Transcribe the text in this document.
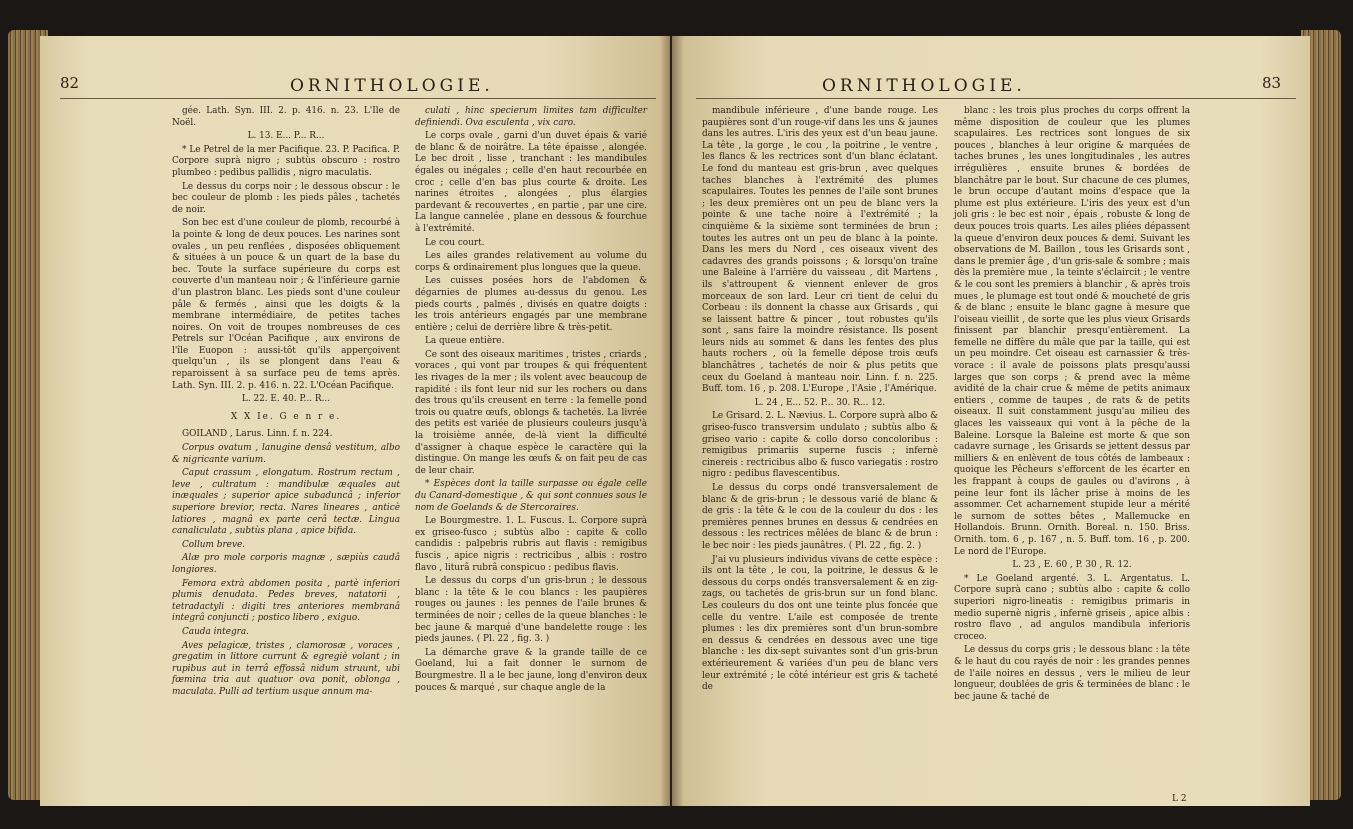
82	ORNITHOLOGIE.

gée. Lath. Syn. III. 2. p. 416. n. 23. L'Ile de Noël.

L. 13. E... P... R...

* Le Petrel de la mer Pacifique. 23. P. Pacifica. P. Corpore suprà nigro ; subtùs obscuro : rostro plumbeo : pedibus pallidis , nigro maculatis.

Le dessus du corps noir ; le dessous obscur : le bec couleur de plomb : les pieds pâles , tachetés de noir.

Son bec est d'une couleur de plomb, recourbé à la pointe & long de deux pouces. Les narines sont ovales , un peu renflées , disposées obliquement & situées à un pouce & un quart de la base du bec. Toute la surface supérieure du corps est couverte d'un manteau noir ; & l'inférieure garnie d'un plastron blanc. Les pieds sont d'une couleur pâle & fermés , ainsi que les doigts & la membrane intermédiaire, de petites taches noires. On voit de troupes nombreuses de ces Petrels sur l'Océan Pacifique , aux environs de l'île Euopon : aussi-tôt qu'ils apperçoivent quelqu'un , ils se plongent dans l'eau & reparoissent à sa surface peu de tems après. Lath. Syn. III. 2. p. 416. n. 22. L'Océan Pacifique.

L. 22. E. 40. P... R...

X X Ie. G e n r e.

GOILAND , Larus. Linn. f. n. 224.

Corpus ovatum , lanugine densâ vestitum, albo & nigricante varium.

Caput crassum , elongatum. Rostrum rectum , leve , cultratum : mandibulæ æquales aut inæquales ; superior apice subaduncâ ; inferior superiore brevior, recta. Nares lineares , anticè latiores , magnâ ex parte cerâ tectæ. Lingua canaliculata , subtùs plana , apice bifida.

Collum breve.

Alæ pro mole corporis magnæ , sæpiùs caudâ longiores.

Femora extrà abdomen posita , partè inferiori plumis denudata. Pedes breves, natatorii , tetradactyli : digiti tres anteriores membranâ integrâ conjuncti ; postico libero , exiguo.

Cauda integra.

Aves pelagicæ, tristes , clamorosæ , voraces , gregatim in littore currunt & egregiè volant ; in rupibus aut in terrâ effossâ nidum struunt, ubi fœmina tria aut quatuor ova ponit, oblonga , maculata. Pulli ad tertium usque annum ma-

culati , hinc specierum limites tam difficulter definiendi. Ova esculenta , vix caro.

Le corps ovale , garni d'un duvet épais & varié de blanc & de noirâtre. La tête épaisse , alongée. Le bec droit , lisse , tranchant : les mandibules égales ou inégales ; celle d'en haut recourbée en croc ; celle d'en bas plus courte & droite. Les narines étroites , alongées , plus élargies pardevant & recouvertes , en partie , par une cire. La langue cannelée , plane en dessous & fourchue à l'extrémité.

Le cou court.

Les ailes grandes relativement au volume du corps & ordinairement plus longues que la queue.

Les cuisses posées hors de l'abdomen & dégarnies de plumes au-dessus du genou. Les pieds courts , palmés , divisés en quatre doigts : les trois antérieurs engagés par une membrane entière ; celui de derrière libre & très-petit.

La queue entière.

Ce sont des oiseaux maritimes , tristes , criards , voraces , qui vont par troupes & qui fréquentent les rivages de la mer ; ils volent avec beaucoup de rapidité : ils font leur nid sur les rochers ou dans des trous qu'ils creusent en terre : la femelle pond trois ou quatre œufs, oblongs & tachetés. La livrée des petits est variée de plusieurs couleurs jusqu'à la troisième année, de-là vient la difficulté d'assigner à chaque espèce le caractère qui la distingue. On mange les œufs & on fait peu de cas de leur chair.

* Espèces dont la taille surpasse ou égale celle du Canard-domestique , & qui sont connues sous le nom de Goelands & de Stercoraires.

Le Bourgmestre. 1. L. Fuscus. L. Corpore suprà ex griseo-fusco ; subtùs albo : capite & collo candidis : palpebris rubris aut flavis : remigibus fuscis , apice nigris : rectricibus , albis : rostro flavo , liturâ rubrâ conspicuo : pedibus flavis.

Le dessus du corps d'un gris-brun ; le dessous blanc : la tête & le cou blancs : les paupières rouges ou jaunes : les pennes de l'aile brunes & terminées de noir ; celles de la queue blanches : le bec jaune & marqué d'une bandelette rouge : les pieds jaunes. ( Pl. 22 , fig. 3. )

La démarche grave & la grande taille de ce Goeland, lui a fait donner le surnom de Bourgmestre. Il a le bec jaune, long d'environ deux pouces & marqué , sur chaque angle de la

ORNITHOLOGIE.	83

mandibule inférieure , d'une bande rouge. Les paupières sont d'un rouge-vif dans les uns & jaunes dans les autres. L'iris des yeux est d'un beau jaune. La tête , la gorge , le cou , la poitrine , le ventre , les flancs & les rectrices sont d'un blanc éclatant. Le fond du manteau est gris-brun , avec quelques taches blanches à l'extrémité des plumes scapulaires. Toutes les pennes de l'aile sont brunes ; les deux premières ont un peu de blanc vers la pointe & une tache noire à l'extrémité ; la cinquième & la sixième sont terminées de brun ; toutes les autres ont un peu de blanc à la pointe. Dans les mers du Nord , ces oiseaux vivent des cadavres des grands poissons ; & lorsqu'on traîne une Baleine à l'arrière du vaisseau , dit Martens , ils s'attroupent & viennent enlever de gros morceaux de son lard. Leur cri tient de celui du Corbeau : ils donnent la chasse aux Grisards , qui se laissent battre & pincer , tout robustes qu'ils sont , sans faire la moindre résistance. Ils posent leurs nids au sommet & dans les fentes des plus hauts rochers , où la femelle dépose trois œufs blanchâtres , tachetés de noir & plus petits que ceux du Goeland à manteau noir. Linn. f. n. 225. Buff. tom. 16 , p. 208. L'Europe , l'Asie , l'Amérique.

L. 24 , E... 52. P... 30. R... 12.

Le Grisard. 2. L. Nævius. L. Corpore suprà albo & griseo-fusco transversim undulato ; subtùs albo & griseo vario : capite & collo dorso concoloribus : remigibus primariis superne fuscis ; infernè cinereis : rectricibus albo & fusco variegatis : rostro nigro : pedibus flavescentibus.

Le dessus du corps ondé transversalement de blanc & de gris-brun ; le dessous varié de blanc & de gris : la tête & le cou de la couleur du dos : les premières pennes brunes en dessus & cendrées en dessous : les rectrices mêlées de blanc & de brun : le bec noir : les pieds jaunâtres. ( Pl. 22 , fig. 2. )

J'ai vu plusieurs individus vivans de cette espèce : ils ont la tête , le cou, la poitrine, le dessus & le dessous du corps ondés transversalement & en zig-zags, ou tachetés de gris-brun sur un fond blanc. Les couleurs du dos ont une teinte plus foncée que celle du ventre. L'aile est composée de trente plumes : les dix premières sont d'un brun-sombre en dessus & cendrées en dessous avec une tige blanche : les dix-sept suivantes sont d'un gris-brun extérieurement & variées d'un peu de blanc vers leur extrémité ; le côté intérieur est gris & tacheté de

blanc : les trois plus proches du corps offrent la même disposition de couleur que les plumes scapulaires. Les rectrices sont longues de six pouces , blanches à leur origine & marquées de taches brunes , les unes longitudinales , les autres irrégulières , ensuite brunes & bordées de blanchâtre par le bout. Sur chacune de ces plumes, le brun occupe d'autant moins d'espace que la plume est plus extérieure. L'iris des yeux est d'un joli gris : le bec est noir , épais , robuste & long de deux pouces trois quarts. Les ailes pliées dépassent la queue d'environ deux pouces & demi. Suivant les observations de M. Baillon , tous les Grisards sont , dans le premier âge , d'un gris-sale & sombre ; mais dès la première mue , la teinte s'éclaircit ; le ventre & le cou sont les premiers à blanchir , & après trois mues , le plumage est tout ondé & moucheté de gris & de blanc ; ensuite le blanc gagne à mesure que l'oiseau vieillit , de sorte que les plus vieux Grisards finissent par blanchir presqu'entièrement. La femelle ne diffère du mâle que par la taille, qui est un peu moindre. Cet oiseau est carnassier & très-vorace : il avale de poissons plats presqu'aussi larges que son corps ; & prend avec la même avidité de la chair crue & même de petits animaux entiers , comme de taupes , de rats & de petits oiseaux. Il suit constamment jusqu'au milieu des glaces les vaisseaux qui vont à la pêche de la Baleine. Lorsque la Baleine est morte & que son cadavre surnage , les Grisards se jettent dessus par milliers & en enlèvent de tous côtés de lambeaux : quoique les Pêcheurs s'efforcent de les écarter en les frappant à coups de gaules ou d'avirons , à peine leur font ils lâcher prise à moins de les assommer. Cet acharnement stupide leur a mérité le surnom de sottes bêtes , Mallemucke en Hollandois. Brunn. Ornith. Boreal. n. 150. Briss. Ornith. tom. 6 , p. 167 , n. 5. Buff. tom. 16 , p. 200. Le nord de l'Europe.

L. 23 , E. 60 , P. 30 , R. 12.

* Le Goeland argenté. 3. L. Argentatus. L. Corpore suprà cano ; subtùs albo : capite & collo superiori nigro-lineatis : remigibus primaris in medio supernè nigris , infernè griseis , apice albis : rostro flavo , ad angulos mandibula inferioris croceo.

Le dessus du corps gris ; le dessous blanc : la tête & le haut du cou rayés de noir : les grandes pennes de l'aile noires en dessus , vers le milieu de leur longueur, doublées de gris & terminées de blanc : le bec jaune & taché de

L 2
